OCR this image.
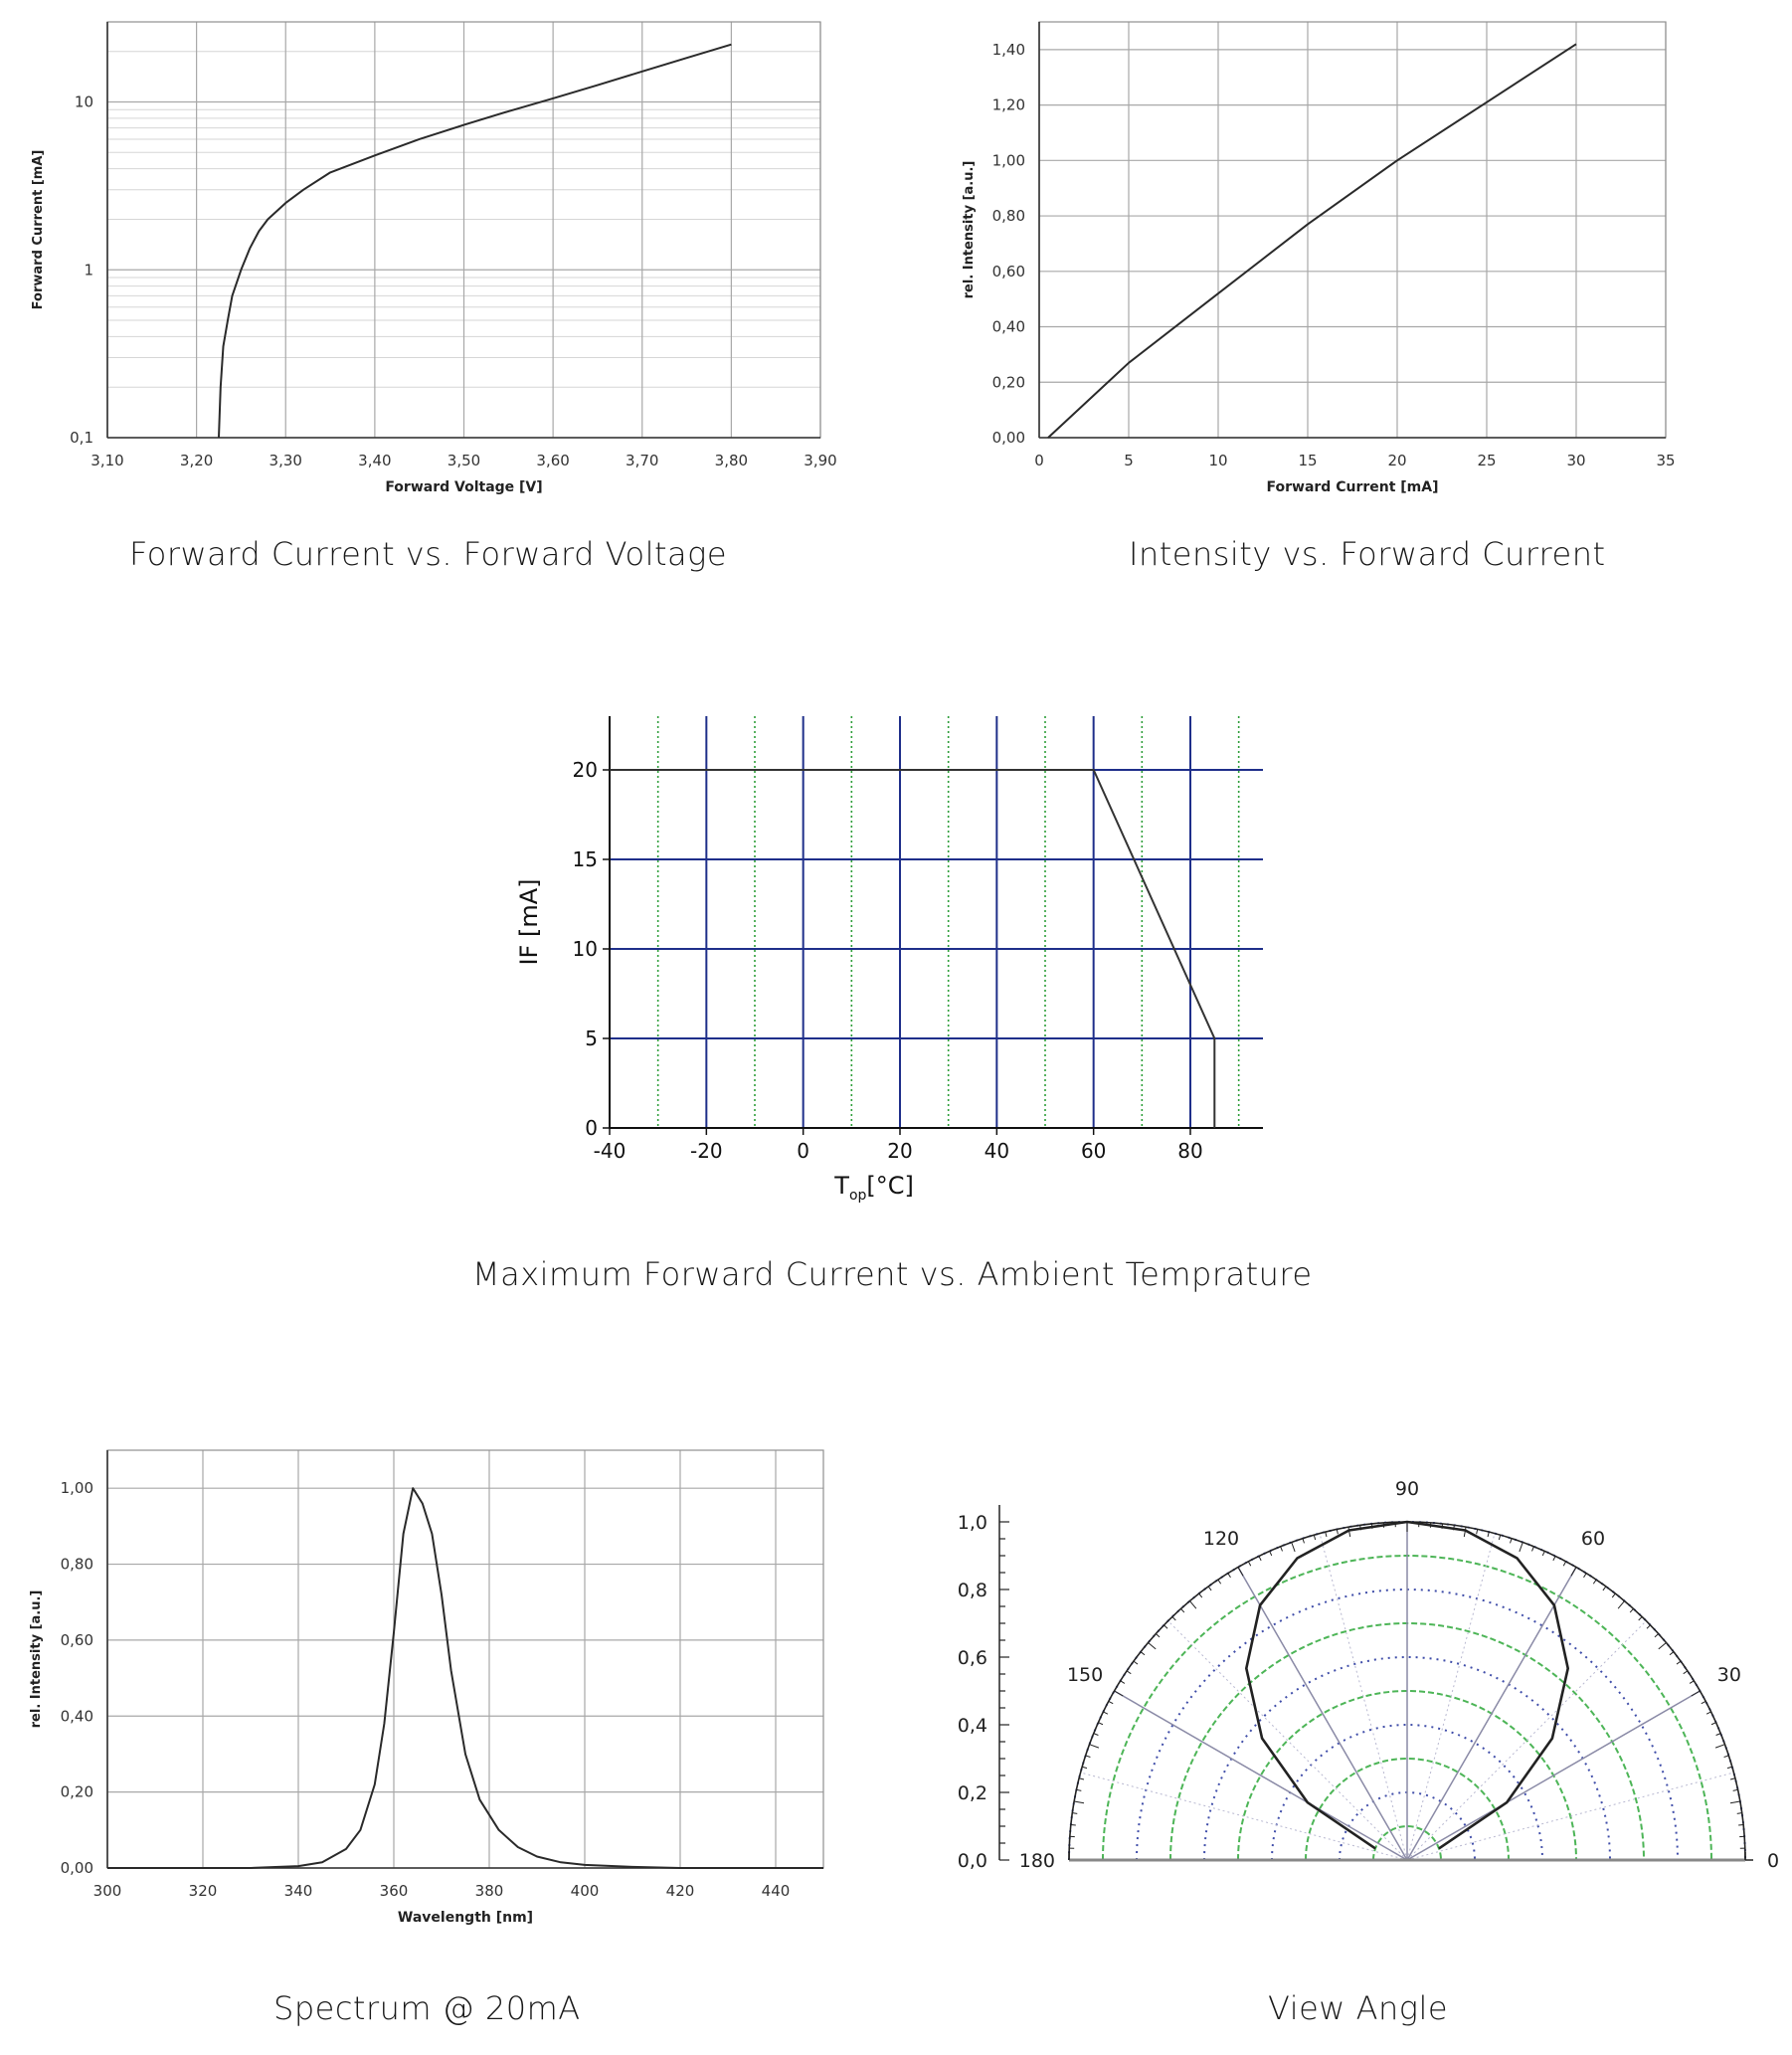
3,10	3,20	3,30	3,40	3,50	3,60	3,70	3,80	3,90
0,1
1
10
Forward Voltage [V]
Forward Current [mA]
Forward Current vs. Forward Voltage
0	5	10	15	20	25	30	35
0,00
0,20
0,40
0,60
0,80
1,00
1,20
1,40
Forward Current [mA]
rel. Intensity [a.u.]
Intensity vs. Forward Current
-40	-20	0	20	40	60	80
0
5
10
15
20
$T_{op}[^\circ C]$
IF [mA]
Maximum Forward Current vs. Ambient Temprature
300	320	340	360	380	400	420	440
0,00
0,20
0,40
0,60
0,80
1,00
Wavelength [nm]
rel. Intensity [a.u.]
Spectrum @ 20mA
0,0
0,2
0,4
0,6
0,8
1,0
180
150
120
90
60
30
0
View Angle
